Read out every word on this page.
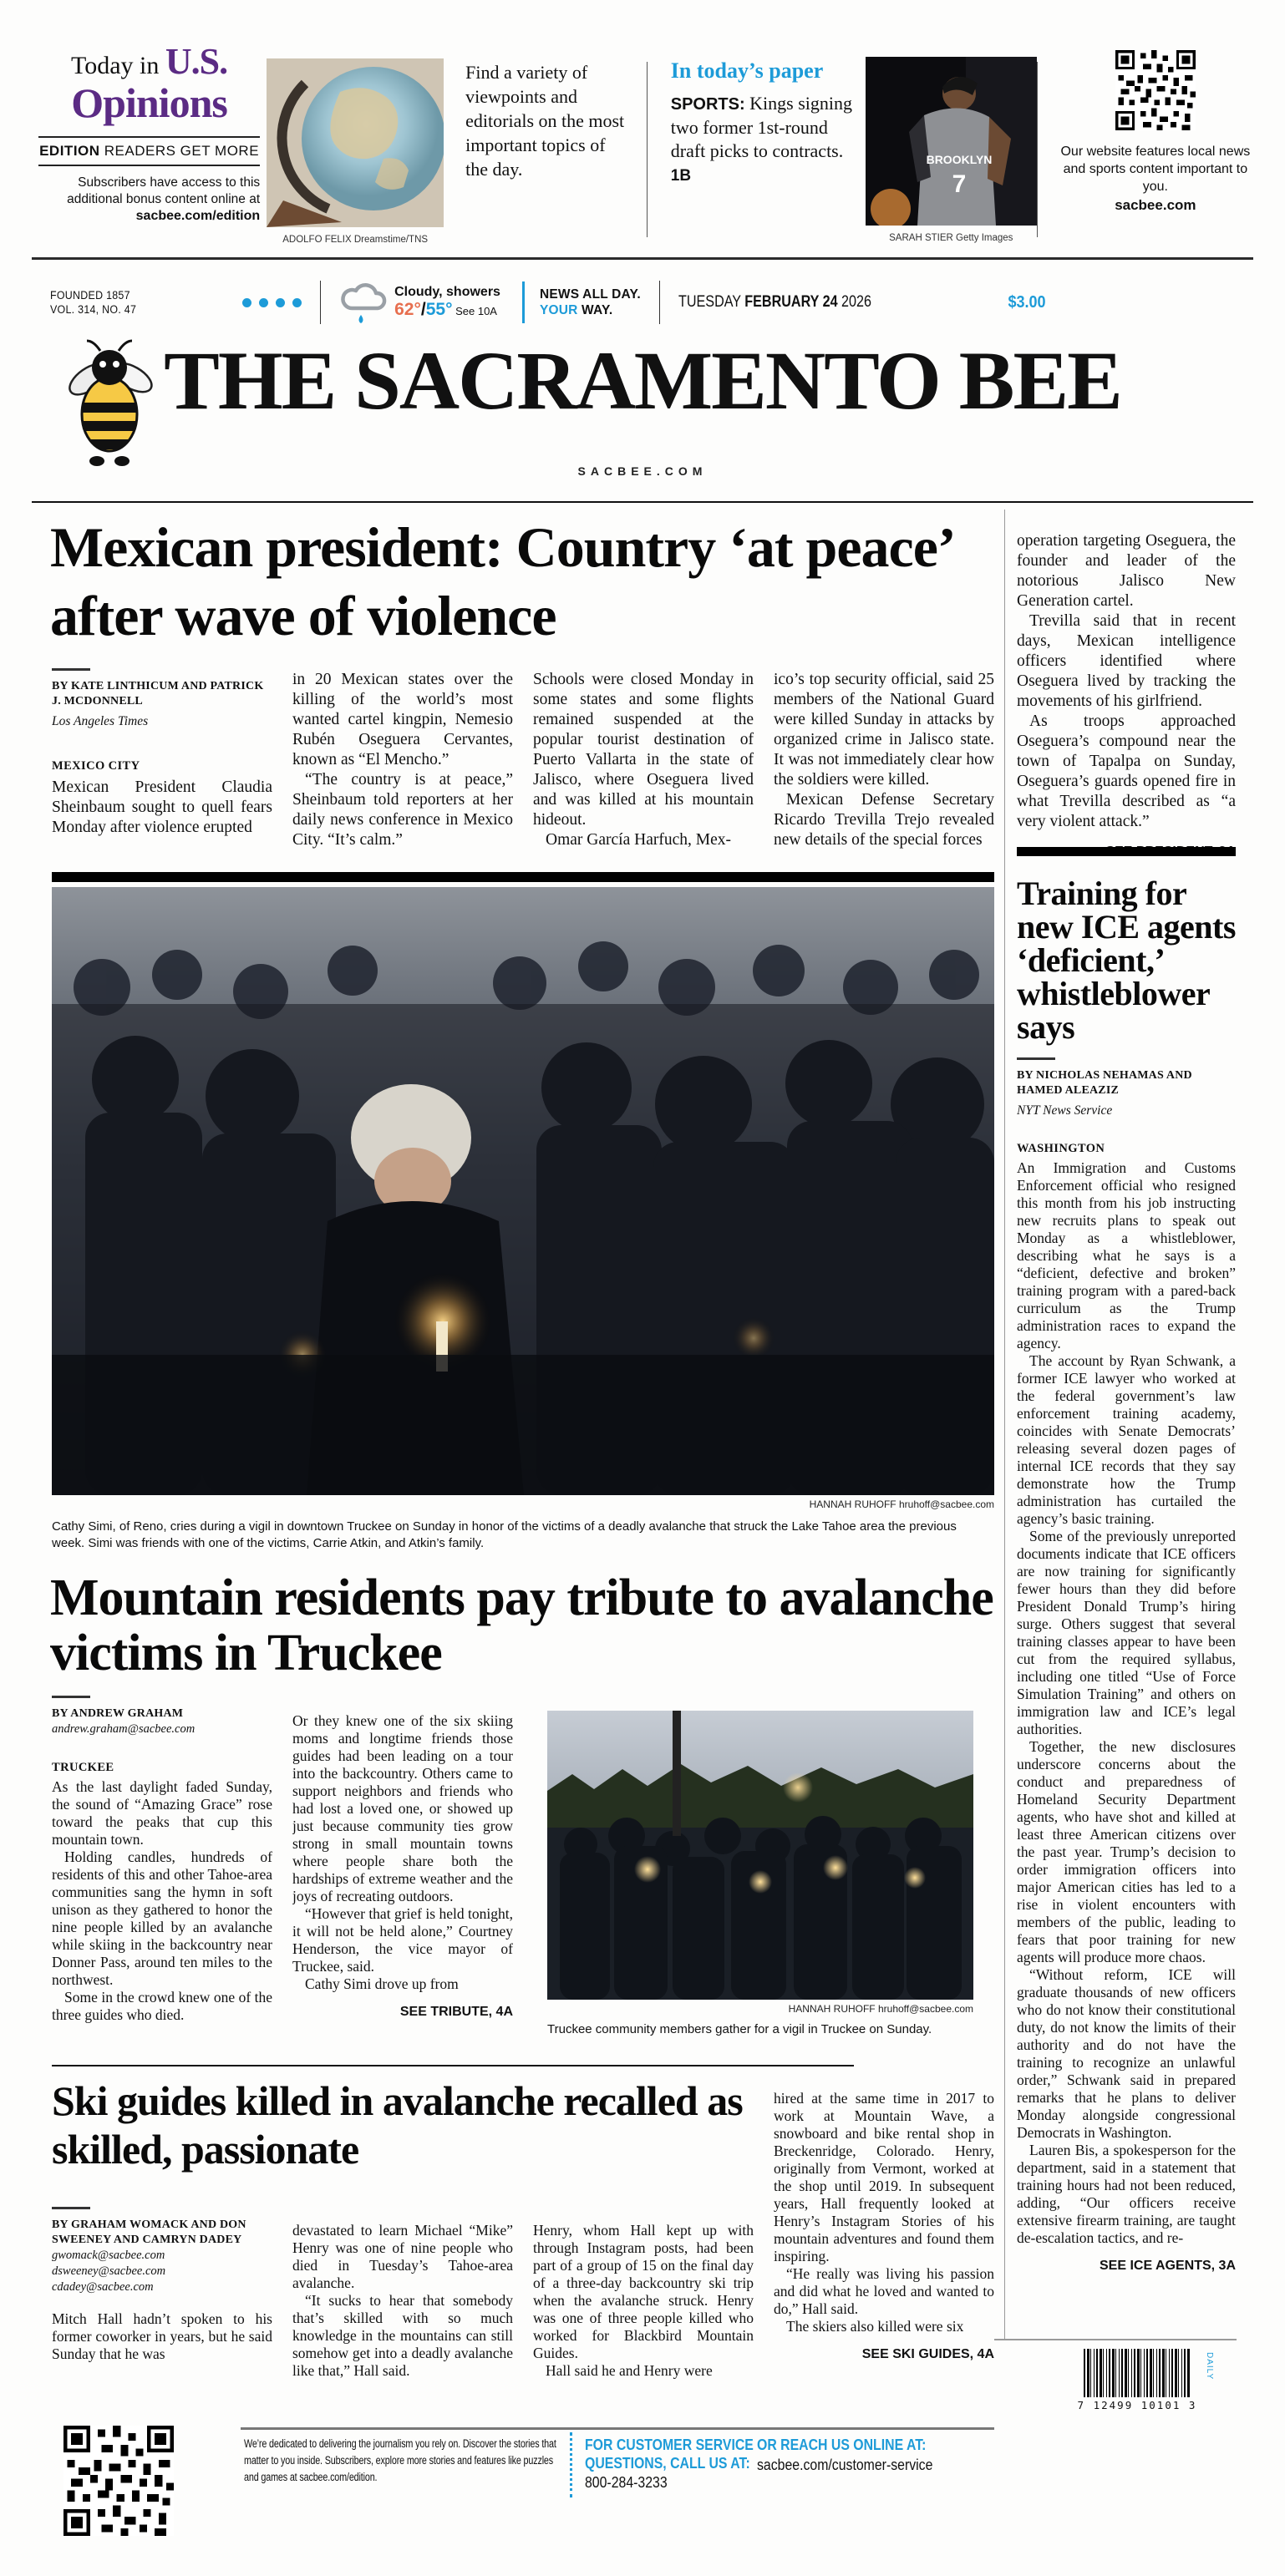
Today in U.S.
Opinions
EDITION READERS GET MORE
Subscribers have access to this additional bonus content online at sacbee.com/edition
ADOLFO FELIX Dreamstime/TNS
Find a variety of viewpoints and editorials on the most important topics of the day.
In today’s paper
SPORTS: Kings signing two former 1st-round draft picks to contracts. 1B
BROOKLYN
7
SARAH STIER Getty Images
Our website features local news and sports content important to you.
sacbee.com
FOUNDED 1857
VOL. 314, NO. 47
Cloudy, showers
62°/55° See 10A
NEWS ALL DAY.
YOUR WAY.	TUESDAY FEBRUARY 24 2026	$3.00
THE SACRAMENTO BEE
SACBEE.COM
Mexican president: Country ‘at peace’ after wave of violence
BY KATE LINTHICUM AND PATRICK J. MCDONNELL
Los Angeles Times
MEXICO CITY

Mexican President Claudia Sheinbaum sought to quell fears Monday after violence erupted

in 20 Mexican states over the killing of the world’s most wanted cartel kingpin, Nemesio Rubén Oseguera Cervantes, known as “El Mencho.”

“The country is at peace,” Sheinbaum told reporters at her daily news conference in Mexico City. “It’s calm.”

Schools were closed Monday in some states and some flights remained suspended at the popular tourist destination of Puerto Vallarta in the state of Jalisco, where Oseguera lived and was killed at his mountain hideout.

Omar García Harfuch, Mex-

ico’s top security official, said 25 members of the National Guard were killed Sunday in attacks by organized crime in Jalisco state. It was not immediately clear how the soldiers were killed.

Mexican Defense Secretary Ricardo Trevilla Trejo revealed new details of the special forces

HANNAH RUHOFF hruhoff@sacbee.com
Cathy Simi, of Reno, cries during a vigil in downtown Truckee on Sunday in honor of the victims of a deadly avalanche that struck the Lake Tahoe area the previous week. Simi was friends with one of the victims, Carrie Atkin, and Atkin’s family.
Mountain residents pay tribute to avalanche victims in Truckee
BY ANDREW GRAHAM
andrew.graham@sacbee.com
TRUCKEE

As the last daylight faded Sunday, the sound of “Amazing Grace” rose toward the peaks that cup this mountain town.

Holding candles, hundreds of residents of this and other Tahoe-area communities sang the hymn in soft unison as they gathered to honor the nine people killed by an avalanche while skiing in the backcountry near Donner Pass, around ten miles to the northwest.

Some in the crowd knew one of the three guides who died.

Or they knew one of the six skiing moms and longtime friends those guides had been leading on a tour into the backcountry. Others came to support neighbors and friends who had lost a loved one, or showed up just because community ties grow strong in small mountain towns where people share both the hardships of extreme weather and the joys of recreating outdoors.

“However that grief is held tonight, it will not be held alone,” Courtney Henderson, the vice mayor of Truckee, said.

Cathy Simi drove up from

SEE TRIBUTE, 4A	HANNAH RUHOFF hruhoff@sacbee.com
Truckee community members gather for a vigil in Truckee on Sunday.
Ski guides killed in avalanche recalled as skilled, passionate
BY GRAHAM WOMACK AND DON SWEENEY AND CAMRYN DADEY
gwomack@sacbee.com
dsweeney@sacbee.com
cdadey@sacbee.com

Mitch Hall hadn’t spoken to his former coworker in years, but he said Sunday that he was

devastated to learn Michael “Mike” Henry was one of nine people who died in Tuesday’s Tahoe-area avalanche.

“It sucks to hear that somebody that’s skilled with so much knowledge in the mountains can still somehow get into a deadly avalanche like that,” Hall said.

Henry, whom Hall kept up with through Instagram posts, had been part of a group of 15 on the final day of a three-day backcountry ski trip when the avalanche struck. Henry was one of three people killed who worked for Blackbird Mountain Guides.

Hall said he and Henry were

hired at the same time in 2017 to work at Mountain Wave, a snowboard and bike rental shop in Breckenridge, Colorado. Henry, originally from Vermont, worked at the shop until 2019. In subsequent years, Hall frequently looked at Henry’s Instagram Stories of his mountain adventures and found them inspiring.

“He really was living his passion and did what he loved and wanted to do,” Hall said.

The skiers also killed were six

SEE SKI GUIDES, 4A

operation targeting Oseguera, the founder and leader of the notorious Jalisco New Generation cartel.

Trevilla said that in recent days, Mexican intelligence officers identified where Oseguera lived by tracking the movements of his girlfriend.

As troops approached Oseguera’s compound near the town of Tapalpa on Sunday, Oseguera’s guards opened fire in what Trevilla described as “a very violent attack.”

Training for new ICE agents ‘deficient,’ whistleblower says
BY NICHOLAS NEHAMAS AND HAMED ALEAZIZ
NYT News Service
WASHINGTON

An Immigration and Customs Enforcement official who resigned this month from his job instructing new recruits plans to speak out Monday as a whistleblower, describing what he says is a “deficient, defective and broken” training program with a pared-back curriculum as the Trump administration races to expand the agency.

The account by Ryan Schwank, a former ICE lawyer who worked at the federal government’s law enforcement training academy, coincides with Senate Democrats’ releasing several dozen pages of internal ICE records that they say demonstrate how the Trump administration has curtailed the agency’s basic training.

Some of the previously unreported documents indicate that ICE officers are now training for significantly fewer hours than they did before President Donald Trump’s hiring surge. Others suggest that several training classes appear to have been cut from the required syllabus, including one titled “Use of Force Simulation Training” and others on immigration law and ICE’s legal authorities.

Together, the new disclosures underscore concerns about the conduct and preparedness of Homeland Security Department agents, who have shot and killed at least three American citizens over the past year. Trump’s decision to order immigration officers into major American cities has led to a rise in violent encounters with members of the public, leading to fears that poor training for new agents will produce more chaos.

“Without reform, ICE will graduate thousands of new officers who do not know their constitutional duty, do not know the limits of their authority and do not have the training to recognize an unlawful order,” Schwank said in prepared remarks that he plans to deliver Monday alongside congressional Democrats in Washington.

Lauren Bis, a spokesperson for the department, said in a statement that training hours had not been reduced, adding, “Our officers receive extensive firearm training, are taught de-escalation tactics, and re-

SEE ICE AGENTS, 3A
7 12499 10101 3
DAILY
We’re dedicated to delivering the journalism you rely on. Discover the stories that matter to you inside. Subscribers, explore more stories and features like puzzles and games at sacbee.com/edition.
FOR CUSTOMER SERVICE
QUESTIONS, CALL US AT:
800-284-3233
OR REACH US ONLINE AT:
sacbee.com/customer-service
